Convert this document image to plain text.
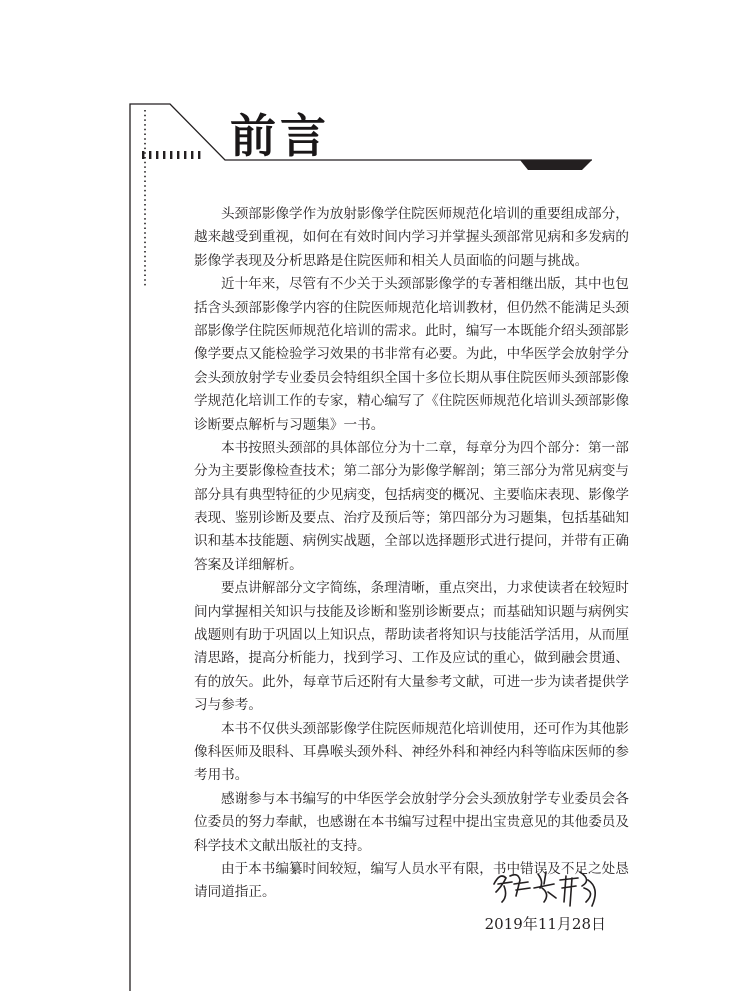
前言
头颈部影像学作为放射影像学住院医师规范化培训的重要组成部分，
越来越受到重视，如何在有效时间内学习并掌握头颈部常见病和多发病的
影像学表现及分析思路是住院医师和相关人员面临的问题与挑战。
近十年来，尽管有不少关于头颈部影像学的专著相继出版，其中也包
括含头颈部影像学内容的住院医师规范化培训教材，但仍然不能满足头颈
部影像学住院医师规范化培训的需求。此时，编写一本既能介绍头颈部影
像学要点又能检验学习效果的书非常有必要。为此，中华医学会放射学分
会头颈放射学专业委员会特组织全国十多位长期从事住院医师头颈部影像
学规范化培训工作的专家，精心编写了《住院医师规范化培训头颈部影像
诊断要点解析与习题集》一书。
本书按照头颈部的具体部位分为十二章，每章分为四个部分：第一部
分为主要影像检查技术；第二部分为影像学解剖；第三部分为常见病变与
部分具有典型特征的少见病变，包括病变的概况、主要临床表现、影像学
表现、鉴别诊断及要点、治疗及预后等；第四部分为习题集，包括基础知
识和基本技能题、病例实战题，全部以选择题形式进行提问，并带有正确
答案及详细解析。
要点讲解部分文字简练，条理清晰，重点突出，力求使读者在较短时
间内掌握相关知识与技能及诊断和鉴别诊断要点；而基础知识题与病例实
战题则有助于巩固以上知识点，帮助读者将知识与技能活学活用，从而厘
清思路，提高分析能力，找到学习、工作及应试的重心，做到融会贯通、
有的放矢。此外，每章节后还附有大量参考文献，可进一步为读者提供学
习与参考。
本书不仅供头颈部影像学住院医师规范化培训使用，还可作为其他影
像科医师及眼科、耳鼻喉头颈外科、神经外科和神经内科等临床医师的参
考用书。
感谢参与本书编写的中华医学会放射学分会头颈放射学专业委员会各
位委员的努力奉献，也感谢在本书编写过程中提出宝贵意见的其他委员及
科学技术文献出版社的支持。
由于本书编纂时间较短，编写人员水平有限，书中错误及不足之处恳
请同道指正。
2019年11月28日
